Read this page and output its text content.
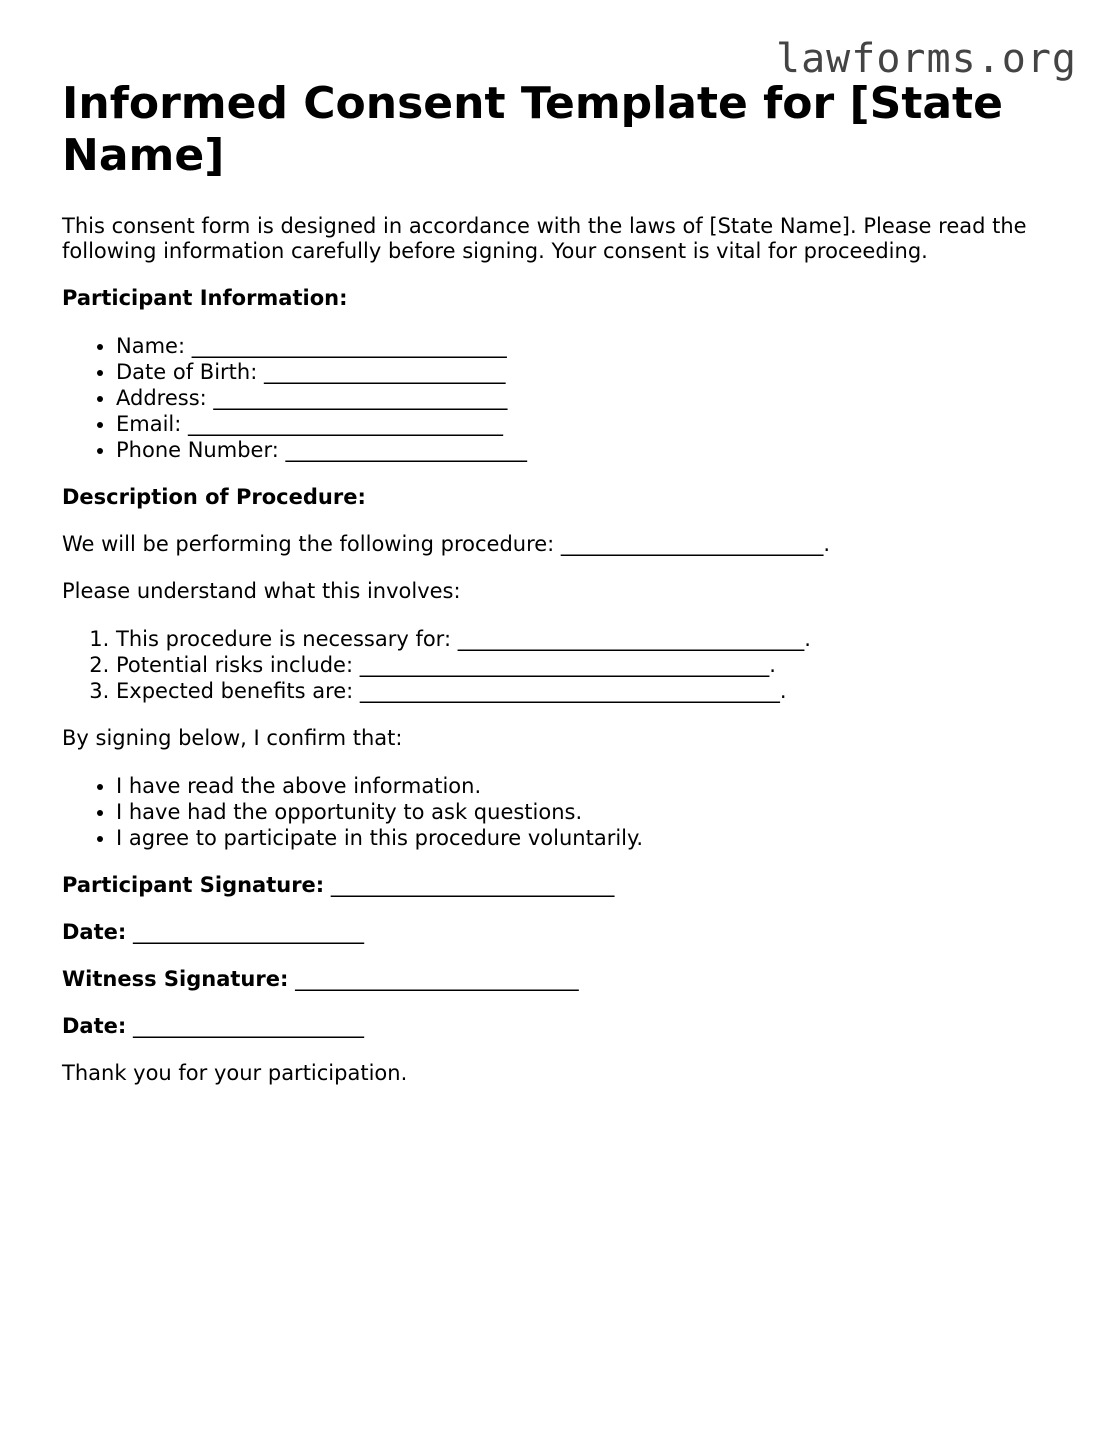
lawforms.org
Informed Consent Template for [State Name]

This consent form is designed in accordance with the laws of [State Name]. Please read the following information carefully before signing. Your consent is vital for proceeding.

Participant Information:

• Name: ______________________________
• Date of Birth: _______________________
• Address: ____________________________
• Email: ______________________________
• Phone Number: _______________________

Description of Procedure:

We will be performing the following procedure: _________________________.

Please understand what this involves:

1. This procedure is necessary for: _________________________________.
2. Potential risks include: _______________________________________.
3. Expected benefits are: ________________________________________.

By signing below, I confirm that:

• I have read the above information.
• I have had the opportunity to ask questions.
• I agree to participate in this procedure voluntarily.

Participant Signature: ___________________________

Date: ______________________

Witness Signature: ___________________________

Date: ______________________

Thank you for your participation.
